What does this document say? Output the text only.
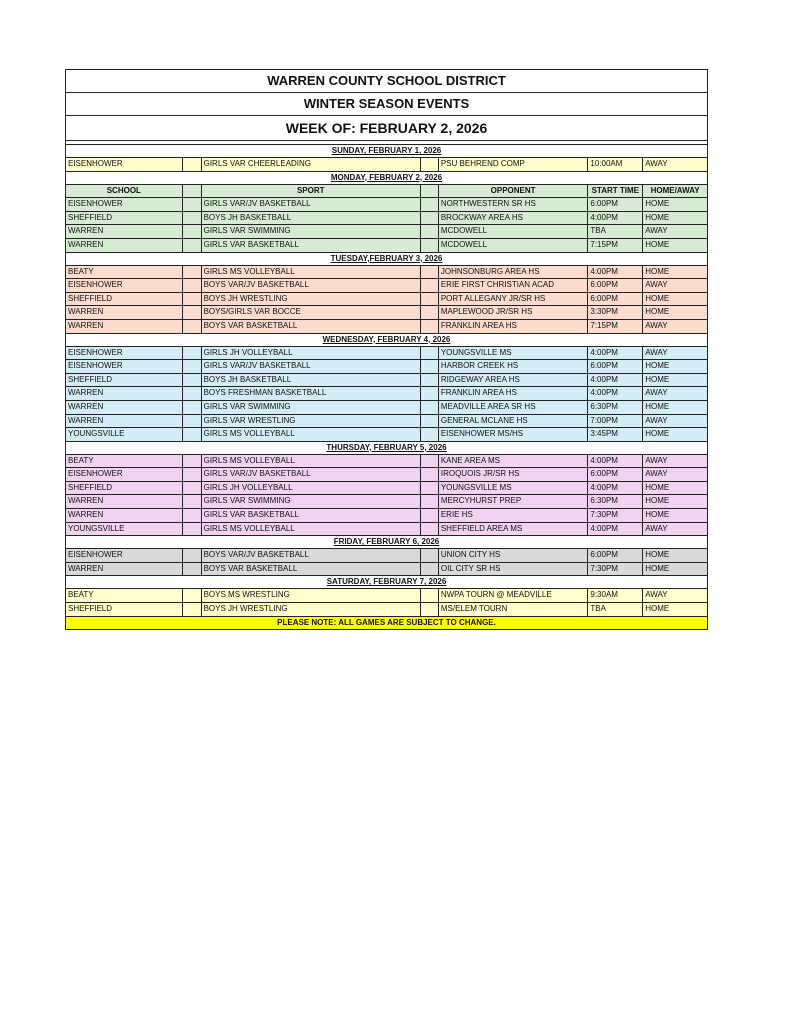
WARREN COUNTY SCHOOL DISTRICT
WINTER SEASON EVENTS
WEEK OF: FEBRUARY 2, 2026
SUNDAY, FEBRUARY 1, 2026
EISENHOWER	GIRLS VAR CHEERLEADING	PSU BEHREND COMP	10:00AM	AWAY
MONDAY, FEBRUARY 2, 2026
SCHOOL	SPORT	OPPONENT	START TIME	HOME/AWAY
EISENHOWER	GIRLS VAR/JV BASKETBALL	NORTHWESTERN SR HS	6:00PM	HOME
SHEFFIELD	BOYS JH BASKETBALL	BROCKWAY AREA HS	4:00PM	HOME
WARREN	GIRLS VAR SWIMMING	MCDOWELL	TBA	AWAY
WARREN	GIRLS VAR BASKETBALL	MCDOWELL	7:15PM	HOME
TUESDAY,FEBRUARY 3, 2026
BEATY	GIRLS MS VOLLEYBALL	JOHNSONBURG AREA HS	4:00PM	HOME
EISENHOWER	BOYS VAR/JV BASKETBALL	ERIE FIRST CHRISTIAN ACAD	6:00PM	AWAY
SHEFFIELD	BOYS JH WRESTLING	PORT ALLEGANY JR/SR HS	6:00PM	HOME
WARREN	BOYS/GIRLS VAR BOCCE	MAPLEWOOD JR/SR HS	3:30PM	HOME
WARREN	BOYS VAR BASKETBALL	FRANKLIN AREA HS	7:15PM	AWAY
WEDNESDAY, FEBRUARY 4, 2026
EISENHOWER	GIRLS JH VOLLEYBALL	YOUNGSVILLE MS	4:00PM	AWAY
EISENHOWER	GIRLS VAR/JV BASKETBALL	HARBOR CREEK HS	6:00PM	HOME
SHEFFIELD	BOYS JH BASKETBALL	RIDGEWAY AREA HS	4:00PM	HOME
WARREN	BOYS FRESHMAN BASKETBALL	FRANKLIN AREA HS	4:00PM	AWAY
WARREN	GIRLS VAR SWIMMING	MEADVILLE AREA SR HS	6:30PM	HOME
WARREN	GIRLS VAR WRESTLING	GENERAL MCLANE HS	7:00PM	AWAY
YOUNGSVILLE	GIRLS MS VOLLEYBALL	EISENHOWER MS/HS	3:45PM	HOME
THURSDAY, FEBRUARY 5, 2026
BEATY	GIRLS MS VOLLEYBALL	KANE AREA MS	4:00PM	AWAY
EISENHOWER	GIRLS VAR/JV BASKETBALL	IROQUOIS JR/SR HS	6:00PM	AWAY
SHEFFIELD	GIRLS JH VOLLEYBALL	YOUNGSVILLE MS	4:00PM	HOME
WARREN	GIRLS VAR SWIMMING	MERCYHURST PREP	6:30PM	HOME
WARREN	GIRLS VAR BASKETBALL	ERIE HS	7:30PM	HOME
YOUNGSVILLE	GIRLS MS VOLLEYBALL	SHEFFIELD AREA MS	4:00PM	AWAY
FRIDAY, FEBRUARY 6, 2026
EISENHOWER	BOYS VAR/JV BASKETBALL	UNION CITY HS	6:00PM	HOME
WARREN	BOYS VAR BASKETBALL	OIL CITY SR HS	7:30PM	HOME
SATURDAY, FEBRUARY 7, 2026
BEATY	BOYS MS WRESTLING	NWPA TOURN @ MEADVILLE	9:30AM	AWAY
SHEFFIELD	BOYS JH WRESTLING	MS/ELEM TOURN	TBA	HOME
PLEASE NOTE: ALL GAMES ARE SUBJECT TO CHANGE.
